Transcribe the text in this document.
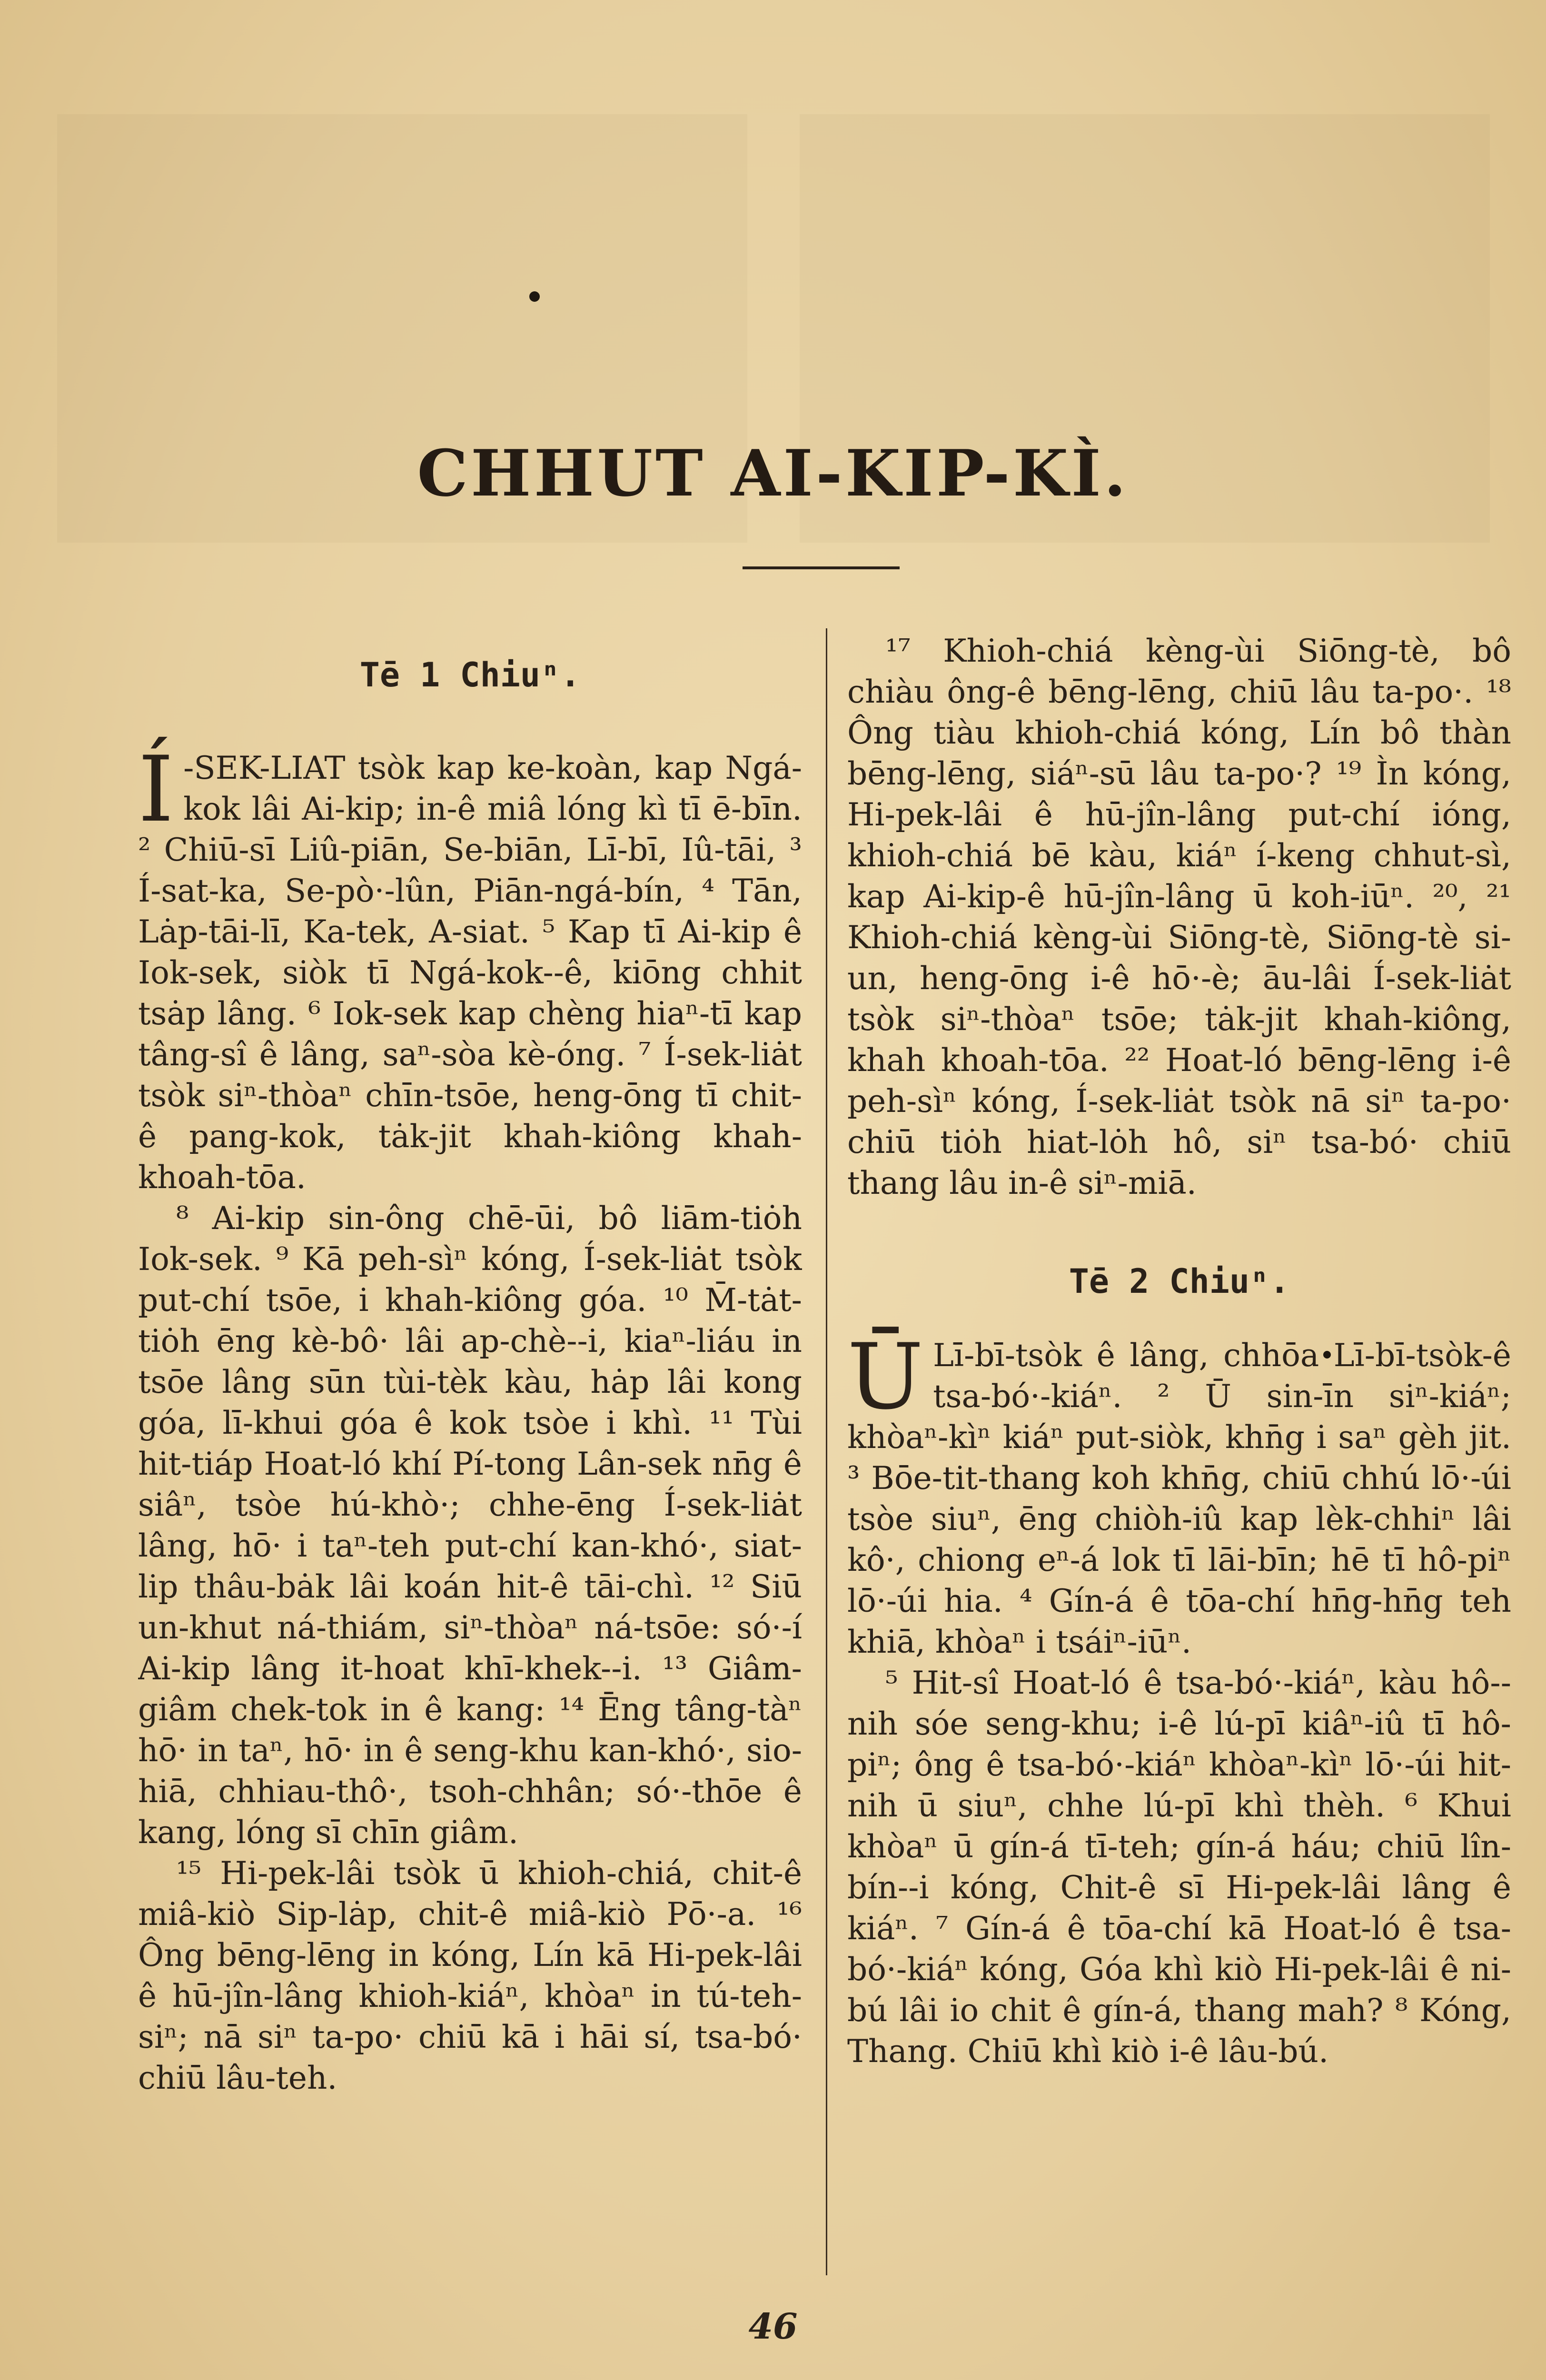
CHHUT AI-KIP-KÌ.
Tē 1 Chiuⁿ.

Í -SEK-LIAT tsòk kap ke-koàn, kap Ngá-kok lâi Ai-kip; in-ê miâ lóng kì tī ē-bīn. ² Chiū-sī Liû-piān, Se-biān, Lī-bī, Iû-tāi, ³ Í-sat-ka, Se-pò·-lûn, Piān-ngá-bín, ⁴ Tān, Lȧp-tāi-lī, Ka-tek, A-siat. ⁵ Kap tī Ai-kip ê Iok-sek, siòk tī Ngá-kok--ê, kiōng chhit tsȧp lâng. ⁶ Iok-sek kap chèng hiaⁿ-tī kap tâng-sî ê lâng, saⁿ-sòa kè-óng. ⁷ Í-sek-liȧt tsòk siⁿ-thòaⁿ chīn-tsōe, heng-ōng tī chit-ê pang-kok, tȧk-jit khah-kiông khah-khoah-tōa.

⁸ Ai-kip sin-ông chē-ūi, bô liām-tiȯh Iok-sek. ⁹ Kā peh-sìⁿ kóng, Í-sek-liȧt tsòk put-chí tsōe, i khah-kiông góa. ¹⁰ M̄-tȧt-tiȯh ēng kè-bô· lâi ap-chè--i, kiaⁿ-liáu in tsōe lâng sūn tùi-tèk kàu, hȧp lâi kong góa, lī-khui góa ê kok tsòe i khì. ¹¹ Tùi hit-tiáp Hoat-ló khí Pí-tong Lân-sek nn̄g ê siâⁿ, tsòe hú-khò·; chhe-ēng Í-sek-liȧt lâng, hō· i taⁿ-teh put-chí kan-khó·, siat-lip thâu-bȧk lâi koán hit-ê tāi-chì. ¹² Siū un-khut ná-thiám, siⁿ-thòaⁿ ná-tsōe: só·-í Ai-kip lâng it-hoat khī-khek--i. ¹³ Giâm-giâm chek-tok in ê kang: ¹⁴ Ēng tâng-tàⁿ hō· in taⁿ, hō· in ê seng-khu kan-khó·, sio-hiā, chhiau-thô·, tsoh-chhân; só·-thōe ê kang, lóng sī chīn giâm.

¹⁵ Hi-pek-lâi tsòk ū khioh-chiá, chit-ê miâ-kiò Sip-lȧp, chit-ê miâ-kiò Pō·-a. ¹⁶ Ông bēng-lēng in kóng, Lín kā Hi-pek-lâi ê hū-jîn-lâng khioh-kiáⁿ, khòaⁿ in tú-teh-siⁿ; nā siⁿ ta-po· chiū kā i hāi sí, tsa-bó· chiū lâu-teh.

¹⁷ Khioh-chiá kèng-ùi Siōng-tè, bô chiàu ông-ê bēng-lēng, chiū lâu ta-po·. ¹⁸ Ông tiàu khioh-chiá kóng, Lín bô thàn bēng-lēng, siáⁿ-sū lâu ta-po·? ¹⁹ Ìn kóng, Hi-pek-lâi ê hū-jîn-lâng put-chí ióng, khioh-chiá bē kàu, kiáⁿ í-keng chhut-sì, kap Ai-kip-ê hū-jîn-lâng ū koh-iūⁿ. ²⁰, ²¹ Khioh-chiá kèng-ùi Siōng-tè, Siōng-tè si-un, heng-ōng i-ê hō·-è; āu-lâi Í-sek-liȧt tsòk siⁿ-thòaⁿ tsōe; tȧk-jit khah-kiông, khah khoah-tōa. ²² Hoat-ló bēng-lēng i-ê peh-sìⁿ kóng, Í-sek-liȧt tsòk nā siⁿ ta-po· chiū tiȯh hiat-lȯh hô, siⁿ tsa-bó· chiū thang lâu in-ê siⁿ-miā.

Tē 2 Chiuⁿ.

Ū Lī-bī-tsòk ê lâng, chhōa Lī-bī-tsòk-ê tsa-bó·-kiáⁿ. ² Ū sin-īn siⁿ-kiáⁿ; khòaⁿ-kìⁿ kiáⁿ put-siòk, khn̄g i saⁿ gèh jit. ³ Bōe-tit-thang koh khn̄g, chiū chhú lō·-úi tsòe siuⁿ, ēng chiòh-iû kap lèk-chhiⁿ lâi kô·, chiong eⁿ-á lok tī lāi-bīn; hē tī hô-piⁿ lō·-úi hia. ⁴ Gín-á ê tōa-chí hn̄g-hn̄g teh khiā, khòaⁿ i tsáiⁿ-iūⁿ.

⁵ Hit-sî Hoat-ló ê tsa-bó·-kiáⁿ, kàu hô--nih sóe seng-khu; i-ê lú-pī kiâⁿ-iû tī hô-piⁿ; ông ê tsa-bó·-kiáⁿ khòaⁿ-kìⁿ lō·-úi hit-nih ū siuⁿ, chhe lú-pī khì thèh. ⁶ Khui khòaⁿ ū gín-á tī-teh; gín-á háu; chiū lîn-bín--i kóng, Chit-ê sī Hi-pek-lâi lâng ê kiáⁿ. ⁷ Gín-á ê tōa-chí kā Hoat-ló ê tsa-bó·-kiáⁿ kóng, Góa khì kiò Hi-pek-lâi ê ni-bú lâi io chit ê gín-á, thang mah? ⁸ Kóng, Thang. Chiū khì kiò i-ê lâu-bú.

46
